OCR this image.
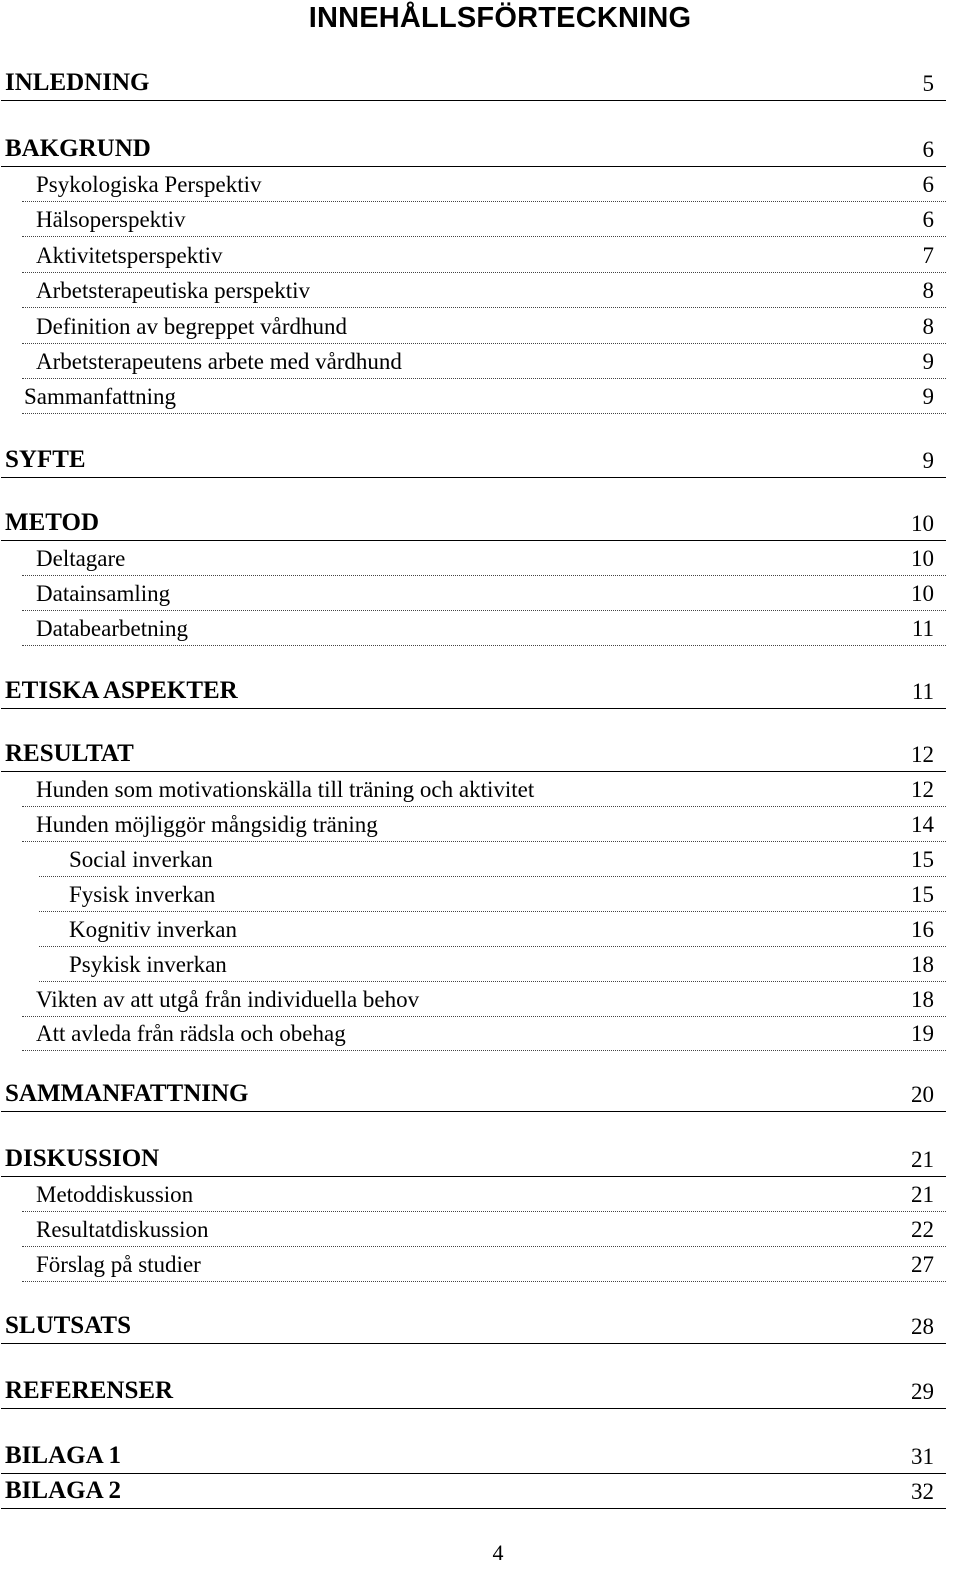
INNEHÅLLSFÖRTECKNING
INLEDNING	5
BAKGRUND	6
Psykologiska Perspektiv	6
Hälsoperspektiv	6
Aktivitetsperspektiv	7
Arbetsterapeutiska perspektiv	8
Definition av begreppet vårdhund	8
Arbetsterapeutens arbete med vårdhund	9
Sammanfattning	9
SYFTE	9
METOD	10
Deltagare	10
Datainsamling	10
Databearbetning	11
ETISKA ASPEKTER	11
RESULTAT	12
Hunden som motivationskälla till träning och aktivitet	12
Hunden möjliggör mångsidig träning	14
Social inverkan	15
Fysisk inverkan	15
Kognitiv inverkan	16
Psykisk inverkan	18
Vikten av att utgå från individuella behov	18
Att avleda från rädsla och obehag	19
SAMMANFATTNING	20
DISKUSSION	21
Metoddiskussion	21
Resultatdiskussion	22
Förslag på studier	27
SLUTSATS	28
REFERENSER	29
BILAGA 1	31
BILAGA 2	32
4
